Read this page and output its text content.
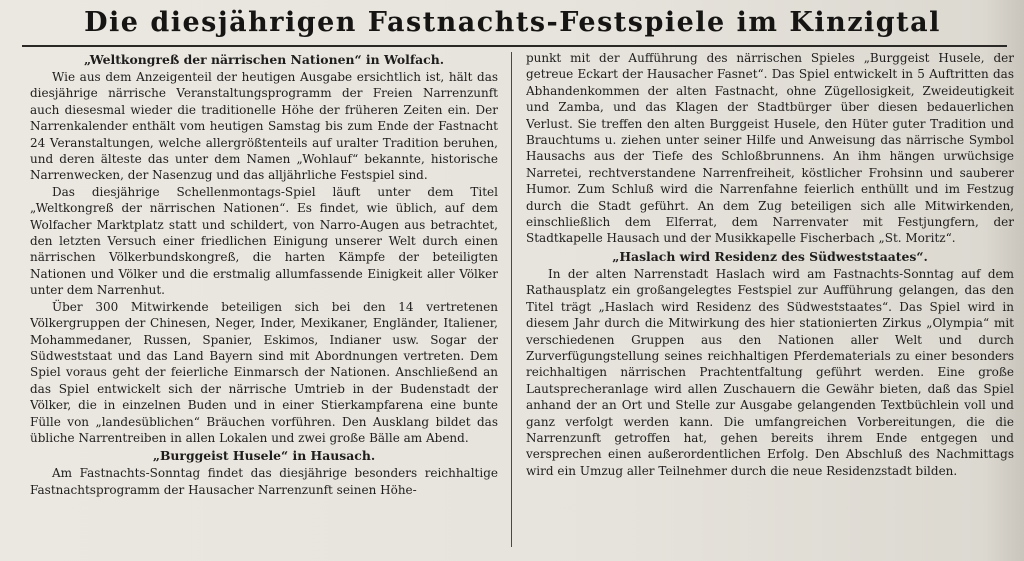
Die diesjährigen Fastnachts-Festspiele im Kinzigtal
„Weltkongreß der närrischen Nationen“ in Wolfach.

Wie aus dem Anzeigenteil der heutigen Ausgabe ersichtlich ist, hält das diesjährige närrische Veranstaltungsprogramm der Freien Narrenzunft auch diesesmal wieder die traditionelle Höhe der früheren Zeiten ein. Der Narrenkalender enthält vom heutigen Samstag bis zum Ende der Fastnacht 24 Veranstaltungen, welche allergrößtenteils auf uralter Tradition beruhen, und deren älteste das unter dem Namen „Wohlauf“ bekannte, historische Narrenwecken, der Nasenzug und das alljährliche Festspiel sind.

Das diesjährige Schellenmontags-Spiel läuft unter dem Titel „Weltkongreß der närrischen Nationen“. Es findet, wie üblich, auf dem Wolfacher Marktplatz statt und schildert, von Narro-Augen aus betrachtet, den letzten Versuch einer friedlichen Einigung unserer Welt durch einen närrischen Völkerbundskongreß, die harten Kämpfe der beteiligten Nationen und Völker und die erstmalig allumfassende Einigkeit aller Völker unter dem Narrenhut.

Über 300 Mitwirkende beteiligen sich bei den 14 vertretenen Völkergruppen der Chinesen, Neger, Inder, Mexikaner, Engländer, Italiener, Mohammedaner, Russen, Spanier, Eskimos, Indianer usw. Sogar der Südweststaat und das Land Bayern sind mit Abordnungen vertreten. Dem Spiel voraus geht der feierliche Einmarsch der Nationen. Anschließend an das Spiel entwickelt sich der närrische Umtrieb in der Budenstadt der Völker, die in einzelnen Buden und in einer Stierkampfarena eine bunte Fülle von „landesüblichen“ Bräuchen vorführen. Den Ausklang bildet das übliche Narrentreiben in allen Lokalen und zwei große Bälle am Abend.

„Burggeist Husele“ in Hausach.

Am Fastnachts-Sonntag findet das diesjährige besonders reichhaltige Fastnachtsprogramm der Hausacher Narrenzunft seinen Höhe-

punkt mit der Aufführung des närrischen Spieles „Burggeist Husele, der getreue Eckart der Hausacher Fasnet“. Das Spiel entwickelt in 5 Auftritten das Abhandenkommen der alten Fastnacht, ohne Zügellosigkeit, Zweideutigkeit und Zamba, und das Klagen der Stadtbürger über diesen bedauerlichen Verlust. Sie treffen den alten Burggeist Husele, den Hüter guter Tradition und Brauchtums u. ziehen unter seiner Hilfe und Anweisung das närrische Symbol Hausachs aus der Tiefe des Schloßbrunnens. An ihm hängen urwüchsige Narretei, rechtverstandene Narrenfreiheit, köstlicher Frohsinn und sauberer Humor. Zum Schluß wird die Narrenfahne feierlich enthüllt und im Festzug durch die Stadt geführt. An dem Zug beteiligen sich alle Mitwirkenden, einschließlich dem Elferrat, dem Narrenvater mit Festjungfern, der Stadtkapelle Hausach und der Musikkapelle Fischerbach „St. Moritz“.

„Haslach wird Residenz des Südweststaates“.

In der alten Narrenstadt Haslach wird am Fastnachts-Sonntag auf dem Rathausplatz ein großangelegtes Festspiel zur Aufführung gelangen, das den Titel trägt „Haslach wird Residenz des Südweststaates“. Das Spiel wird in diesem Jahr durch die Mitwirkung des hier stationierten Zirkus „Olympia“ mit verschiedenen Gruppen aus den Nationen aller Welt und durch Zurverfügungstellung seines reichhaltigen Pferdematerials zu einer besonders reichhaltigen närrischen Prachtentfaltung geführt werden. Eine große Lautsprecheranlage wird allen Zuschauern die Gewähr bieten, daß das Spiel anhand der an Ort und Stelle zur Ausgabe gelangenden Textbüchlein voll und ganz verfolgt werden kann. Die umfangreichen Vorbereitungen, die die Narrenzunft getroffen hat, gehen bereits ihrem Ende entgegen und versprechen einen außerordentlichen Erfolg. Den Abschluß des Nachmittags wird ein Umzug aller Teilnehmer durch die neue Residenzstadt bilden.
